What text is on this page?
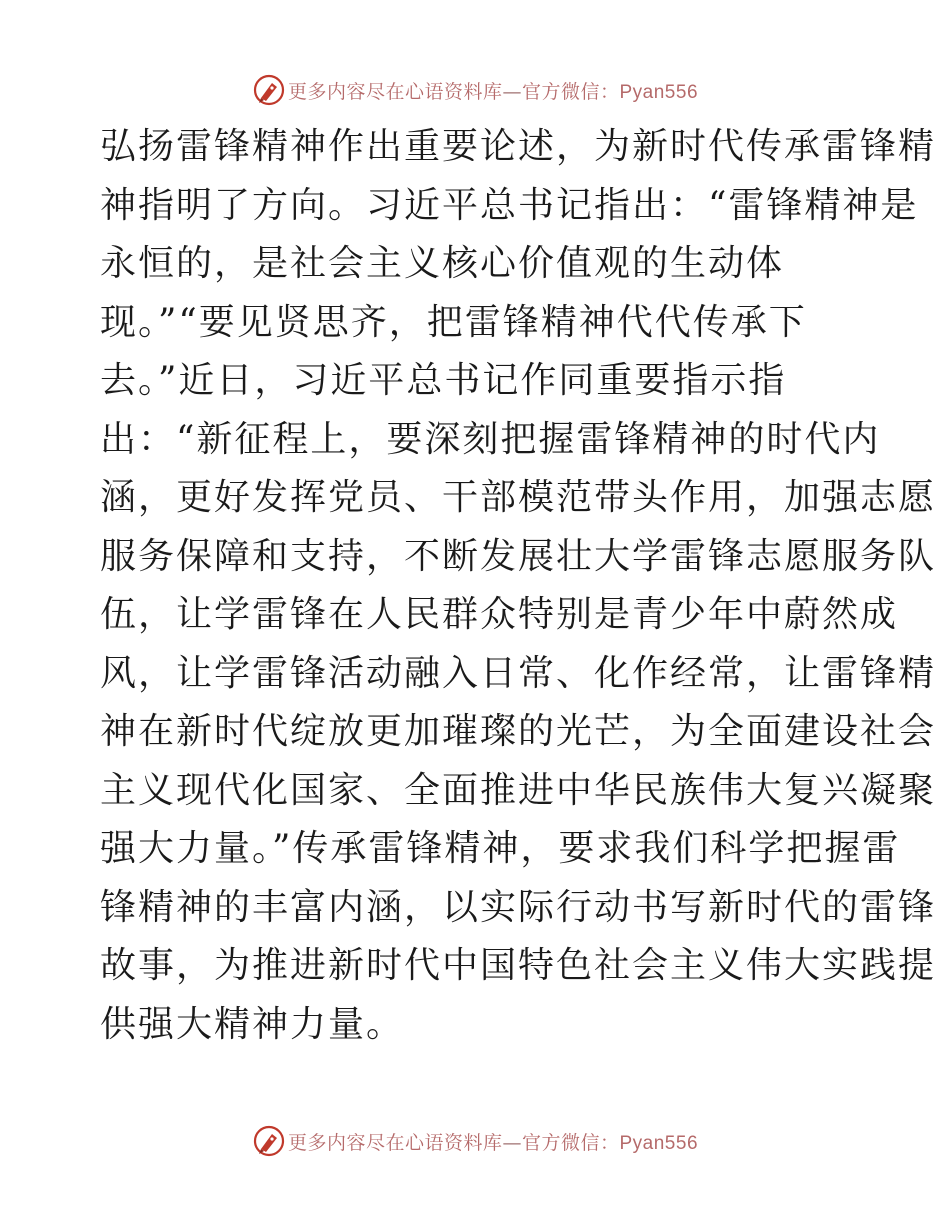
更多内容尽在心语资料库—官方微信：Pyan556
弘扬雷锋精神作出重要论述，为新时代传承雷锋精
神指明了方向。习近平总书记指出：“雷锋精神是
永恒的，是社会主义核心价值观的生动体
现。”“要见贤思齐，把雷锋精神代代传承下
去。”近日，习近平总书记作同重要指示指
出：“新征程上，要深刻把握雷锋精神的时代内
涵，更好发挥党员、干部模范带头作用，加强志愿
服务保障和支持，不断发展壮大学雷锋志愿服务队
伍，让学雷锋在人民群众特别是青少年中蔚然成
风，让学雷锋活动融入日常、化作经常，让雷锋精
神在新时代绽放更加璀璨的光芒，为全面建设社会
主义现代化国家、全面推进中华民族伟大复兴凝聚
强大力量。”传承雷锋精神，要求我们科学把握雷
锋精神的丰富内涵，以实际行动书写新时代的雷锋
故事，为推进新时代中国特色社会主义伟大实践提
供强大精神力量。
更多内容尽在心语资料库—官方微信：Pyan556
